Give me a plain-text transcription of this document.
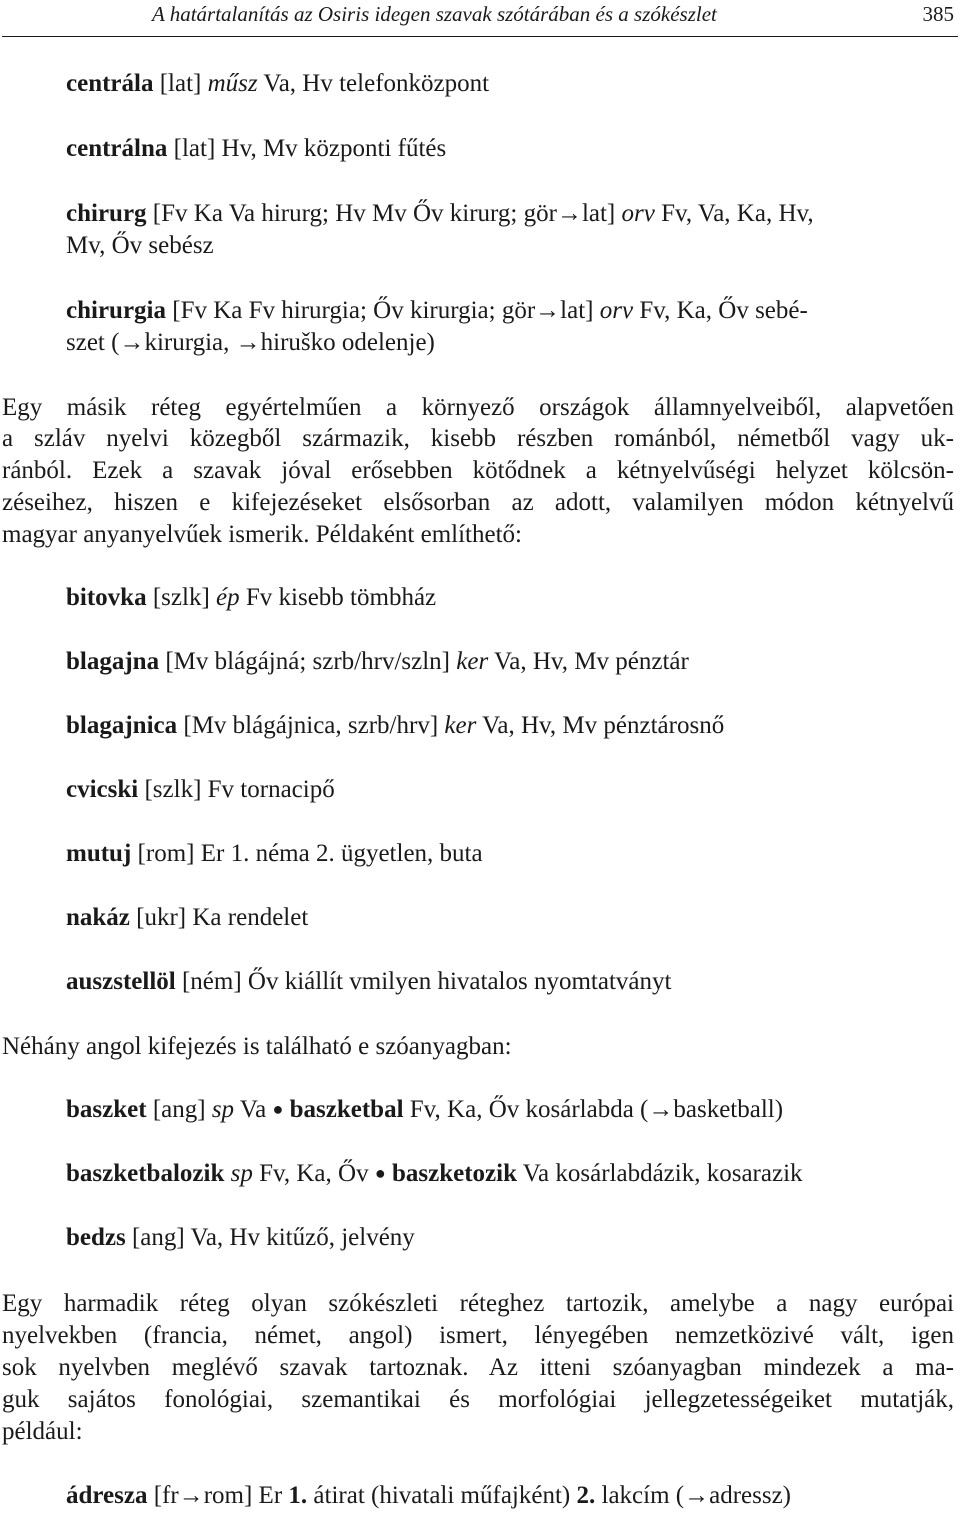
A határtalanítás az Osiris idegen szavak szótárában és a szókészlet	385
centrála [lat] műsz Va, Hv telefonközpont
centrálna [lat] Hv, Mv központi fűtés
chirurg [Fv Ka Va hirurg; Hv Mv Őv kirurg; gör→lat] orv Fv, Va, Ka, Hv,
Mv, Őv sebész
chirurgia [Fv Ka Fv hirurgia; Őv kirurgia; gör→lat] orv Fv, Ka, Őv sebé-
szet (→kirurgia, →hiruško odelenje)
Egy másik réteg egyértelműen a környező országok államnyelveiből, alapvetően
a szláv nyelvi közegből származik, kisebb részben románból, németből vagy uk-
ránból. Ezek a szavak jóval erősebben kötődnek a kétnyelvűségi helyzet kölcsön-
zéseihez, hiszen e kifejezéseket elsősorban az adott, valamilyen módon kétnyelvű
magyar anyanyelvűek ismerik. Példaként említhető:
bitovka [szlk] ép Fv kisebb tömbház
blagajna [Mv blágájná; szrb/hrv/szln] ker Va, Hv, Mv pénztár
blagajnica [Mv blágájnica, szrb/hrv] ker Va, Hv, Mv pénztárosnő
cvicski [szlk] Fv tornacipő
mutuj [rom] Er 1. néma 2. ügyetlen, buta
nakáz [ukr] Ka rendelet
auszstellöl [ném] Őv kiállít vmilyen hivatalos nyomtatványt
Néhány angol kifejezés is található e szóanyagban:
baszket [ang] sp Va ● baszketbal Fv, Ka, Őv kosárlabda (→basketball)
baszketbalozik sp Fv, Ka, Őv ● baszketozik Va kosárlabdázik, kosarazik
bedzs [ang] Va, Hv kitűző, jelvény
Egy harmadik réteg olyan szókészleti réteghez tartozik, amelybe a nagy európai
nyelvekben (francia, német, angol) ismert, lényegében nemzetközivé vált, igen
sok nyelvben meglévő szavak tartoznak. Az itteni szóanyagban mindezek a ma-
guk sajátos fonológiai, szemantikai és morfológiai jellegzetességeiket mutatják,
például:
ádresza [fr→rom] Er 1. átirat (hivatali műfajként) 2. lakcím (→adressz)
